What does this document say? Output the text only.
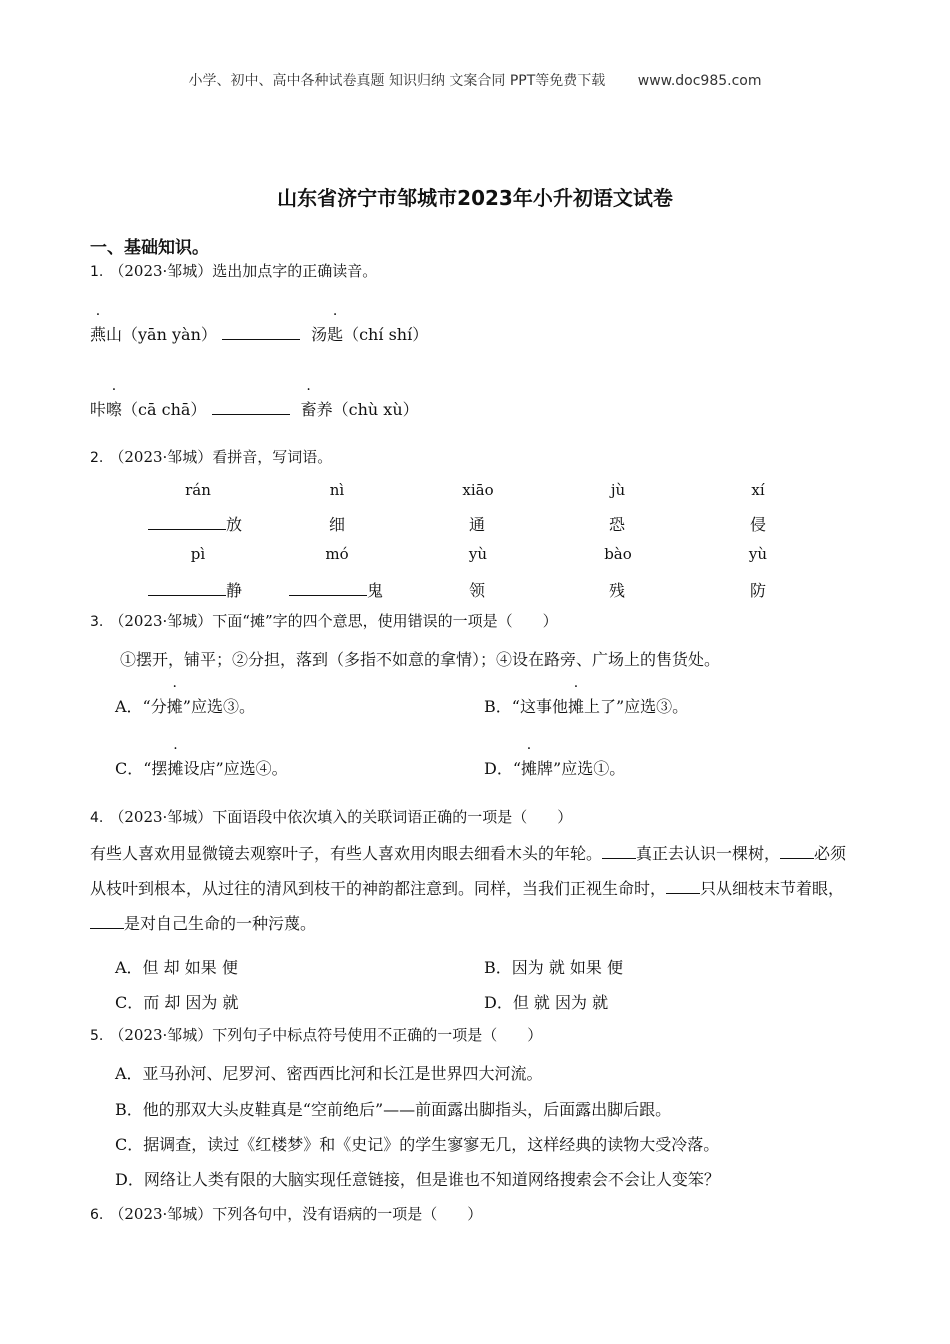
小学、初中、高中各种试卷真题 知识归纳 文案合同 PPT等免费下载 www.doc985.com
山东省济宁市邹城市2023年小升初语文试卷
一、基础知识。
1. （2023·邹城）选出加点字的正确读音。
燕山（yān yàn）	汤匙（chí shí）
咔嚓（cā chā）	畜养（chù xù）
2. （2023·邹城）看拼音，写词语。
rán	nì	xiāo	jù	xí
放	细	通	恐	侵
pì	mó	yù	bào	yù
静	鬼	领	残	防
3. （2023·邹城）下面“摊”字的四个意思，使用错误的一项是（　　）
①摆开，铺平；②分担，落到（多指不如意的拿情）；④设在路旁、广场上的售货处。
A．“分摊”应选③。	B．“这事他摊上了”应选③。
C．“摆摊设店”应选④。	D．“摊牌”应选①。
4. （2023·邹城）下面语段中依次填入的关联词语正确的一项是（　　）
有些人喜欢用显微镜去观察叶子，有些人喜欢用肉眼去细看木头的年轮。 真正去认识一棵树， 必须从枝叶到根本，从过往的清风到枝干的神韵都注意到。同样，当我们正视生命时， 只从细枝末节着眼，是对自己生命的一种污蔑。
A．但 却 如果 便	B．因为 就 如果 便
C．而 却 因为 就	D．但 就 因为 就
5. （2023·邹城）下列句子中标点符号使用不正确的一项是（　　）
A．亚马孙河、尼罗河、密西西比河和长江是世界四大河流。
B．他的那双大头皮鞋真是“空前绝后”——前面露出脚指头，后面露出脚后跟。
C．据调查，读过《红楼梦》和《史记》的学生寥寥无几，这样经典的读物大受冷落。
D．网络让人类有限的大脑实现任意链接，但是谁也不知道网络搜索会不会让人变笨？
6. （2023·邹城）下列各句中，没有语病的一项是（　　）
